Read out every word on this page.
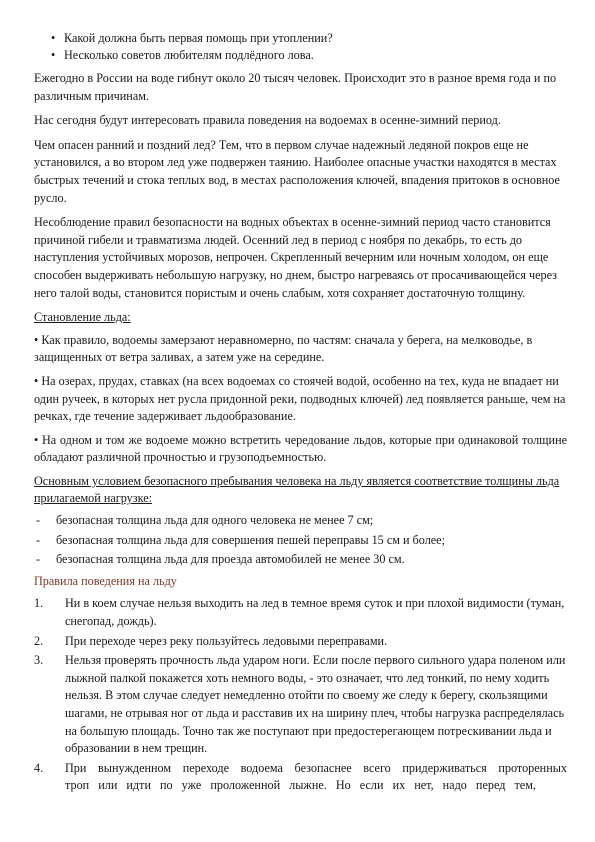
• Какой должна быть первая помощь при утоплении?
• Несколько советов любителям подлёдного лова.

Ежегодно в России на воде гибнут около 20 тысяч человек. Происходит это в разное время года и по различным причинам.

Нас сегодня будут интересовать правила поведения на водоемах в осенне-зимний период.

Чем опасен ранний и поздний лед? Тем, что в первом случае надежный ледяной покров еще не установился, а во втором лед уже подвержен таянию. Наиболее опасные участки находятся в местах быстрых течений и стока теплых вод, в местах расположения ключей, впадения притоков в основное русло.

Несоблюдение правил безопасности на водных объектах в осенне-зимний период часто становится причиной гибели и травматизма людей. Осенний лед в период с ноября по декабрь, то есть до наступления устойчивых морозов, непрочен. Скрепленный вечерним или ночным холодом, он еще способен выдерживать небольшую нагрузку, но днем, быстро нагреваясь от просачивающейся через него талой воды, становится пористым и очень слабым, хотя сохраняет достаточную толщину.

Становление льда:

• Как правило, водоемы замерзают неравномерно, по частям: сначала у берега, на мелководье, в защищенных от ветра заливах, а затем уже на середине.

• На озерах, прудах, ставках (на всех водоемах со стоячей водой, особенно на тех, куда не впадает ни один ручеек, в которых нет русла придонной реки, подводных ключей) лед появляется раньше, чем на речках, где течение задерживает льдообразование.

• На одном и том же водоеме можно встретить чередование льдов, которые при одинаковой толщине обладают различной прочностью и грузоподъемностью.

Основным условием безопасного пребывания человека на льду является соответствие толщины льда прилагаемой нагрузке:

- безопасная толщина льда для одного человека не менее 7 см;
- безопасная толщина льда для совершения пешей переправы 15 см и более;
- безопасная толщина льда для проезда автомобилей не менее 30 см.

Правила поведения на льду

1. Ни в коем случае нельзя выходить на лед в темное время суток и при плохой видимости (туман, снегопад, дождь).
2. При переходе через реку пользуйтесь ледовыми переправами.
3. Нельзя проверять прочность льда ударом ноги. Если после первого сильного удара поленом или лыжной палкой покажется хоть немного воды, - это означает, что лед тонкий, по нему ходить нельзя. В этом случае следует немедленно отойти по своему же следу к берегу, скользящими шагами, не отрывая ног от льда и расставив их на ширину плеч, чтобы нагрузка распределялась на большую площадь. Точно так же поступают при предостерегающем потрескивании льда и образовании в нем трещин.
4. При вынужденном переходе водоема безопаснее всего придерживаться проторенных троп или идти по уже проложенной лыжне. Но если их нет, надо перед тем,
